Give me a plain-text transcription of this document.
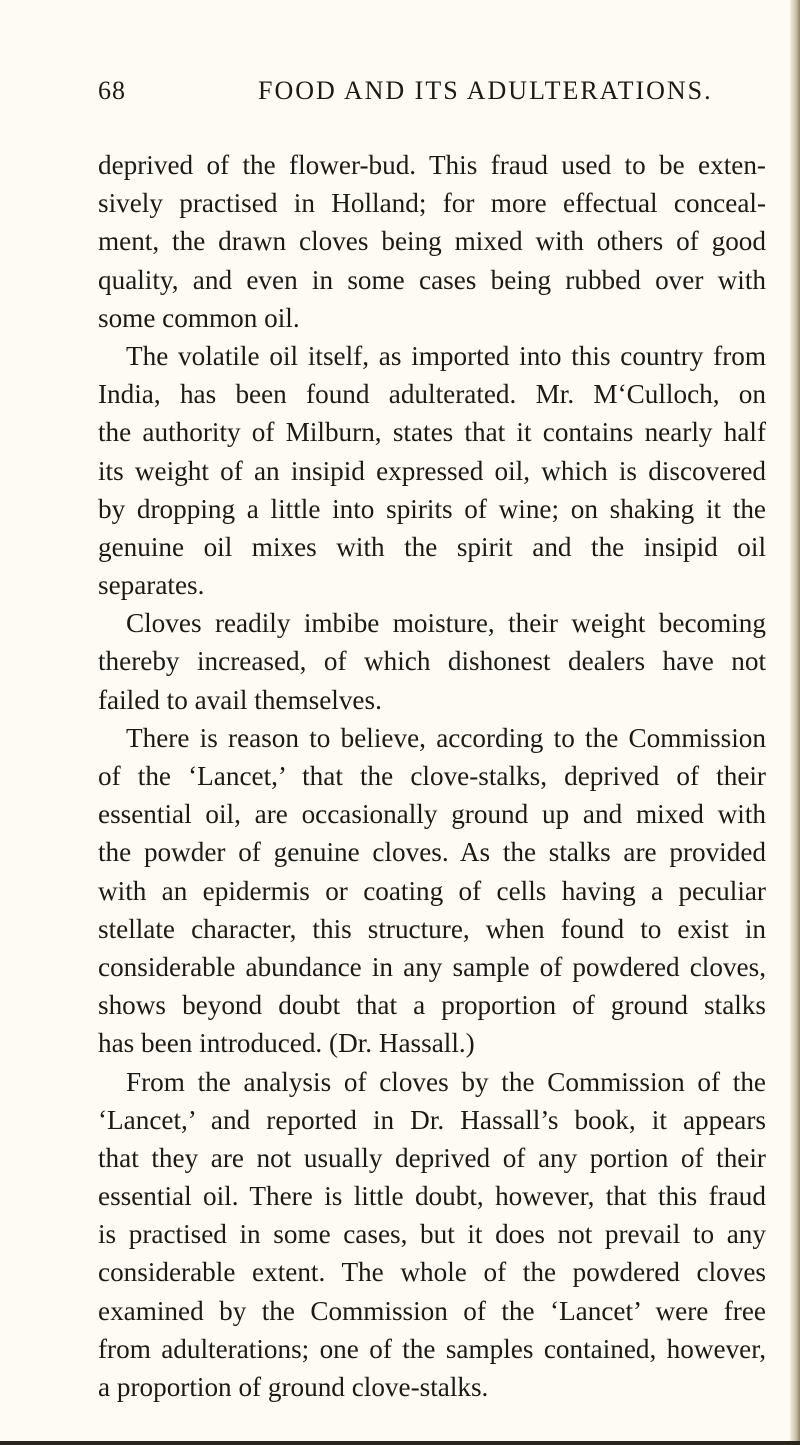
68	FOOD AND ITS ADULTERATIONS.
deprived of the flower-bud. This fraud used to be exten-
sively practised in Holland; for more effectual conceal-
ment, the drawn cloves being mixed with others of good
quality, and even in some cases being rubbed over with
some common oil.
The volatile oil itself, as imported into this country from
India, has been found adulterated. Mr. M‘Culloch, on
the authority of Milburn, states that it contains nearly half
its weight of an insipid expressed oil, which is discovered
by dropping a little into spirits of wine; on shaking it the
genuine oil mixes with the spirit and the insipid oil
separates.
Cloves readily imbibe moisture, their weight becoming
thereby increased, of which dishonest dealers have not
failed to avail themselves.
There is reason to believe, according to the Commission
of the ‘Lancet,’ that the clove-stalks, deprived of their
essential oil, are occasionally ground up and mixed with
the powder of genuine cloves. As the stalks are provided
with an epidermis or coating of cells having a peculiar
stellate character, this structure, when found to exist in
considerable abundance in any sample of powdered cloves,
shows beyond doubt that a proportion of ground stalks
has been introduced. (Dr. Hassall.)
From the analysis of cloves by the Commission of the
‘Lancet,’ and reported in Dr. Hassall’s book, it appears
that they are not usually deprived of any portion of their
essential oil. There is little doubt, however, that this fraud
is practised in some cases, but it does not prevail to any
considerable extent. The whole of the powdered cloves
examined by the Commission of the ‘Lancet’ were free
from adulterations; one of the samples contained, however,
a proportion of ground clove-stalks.
